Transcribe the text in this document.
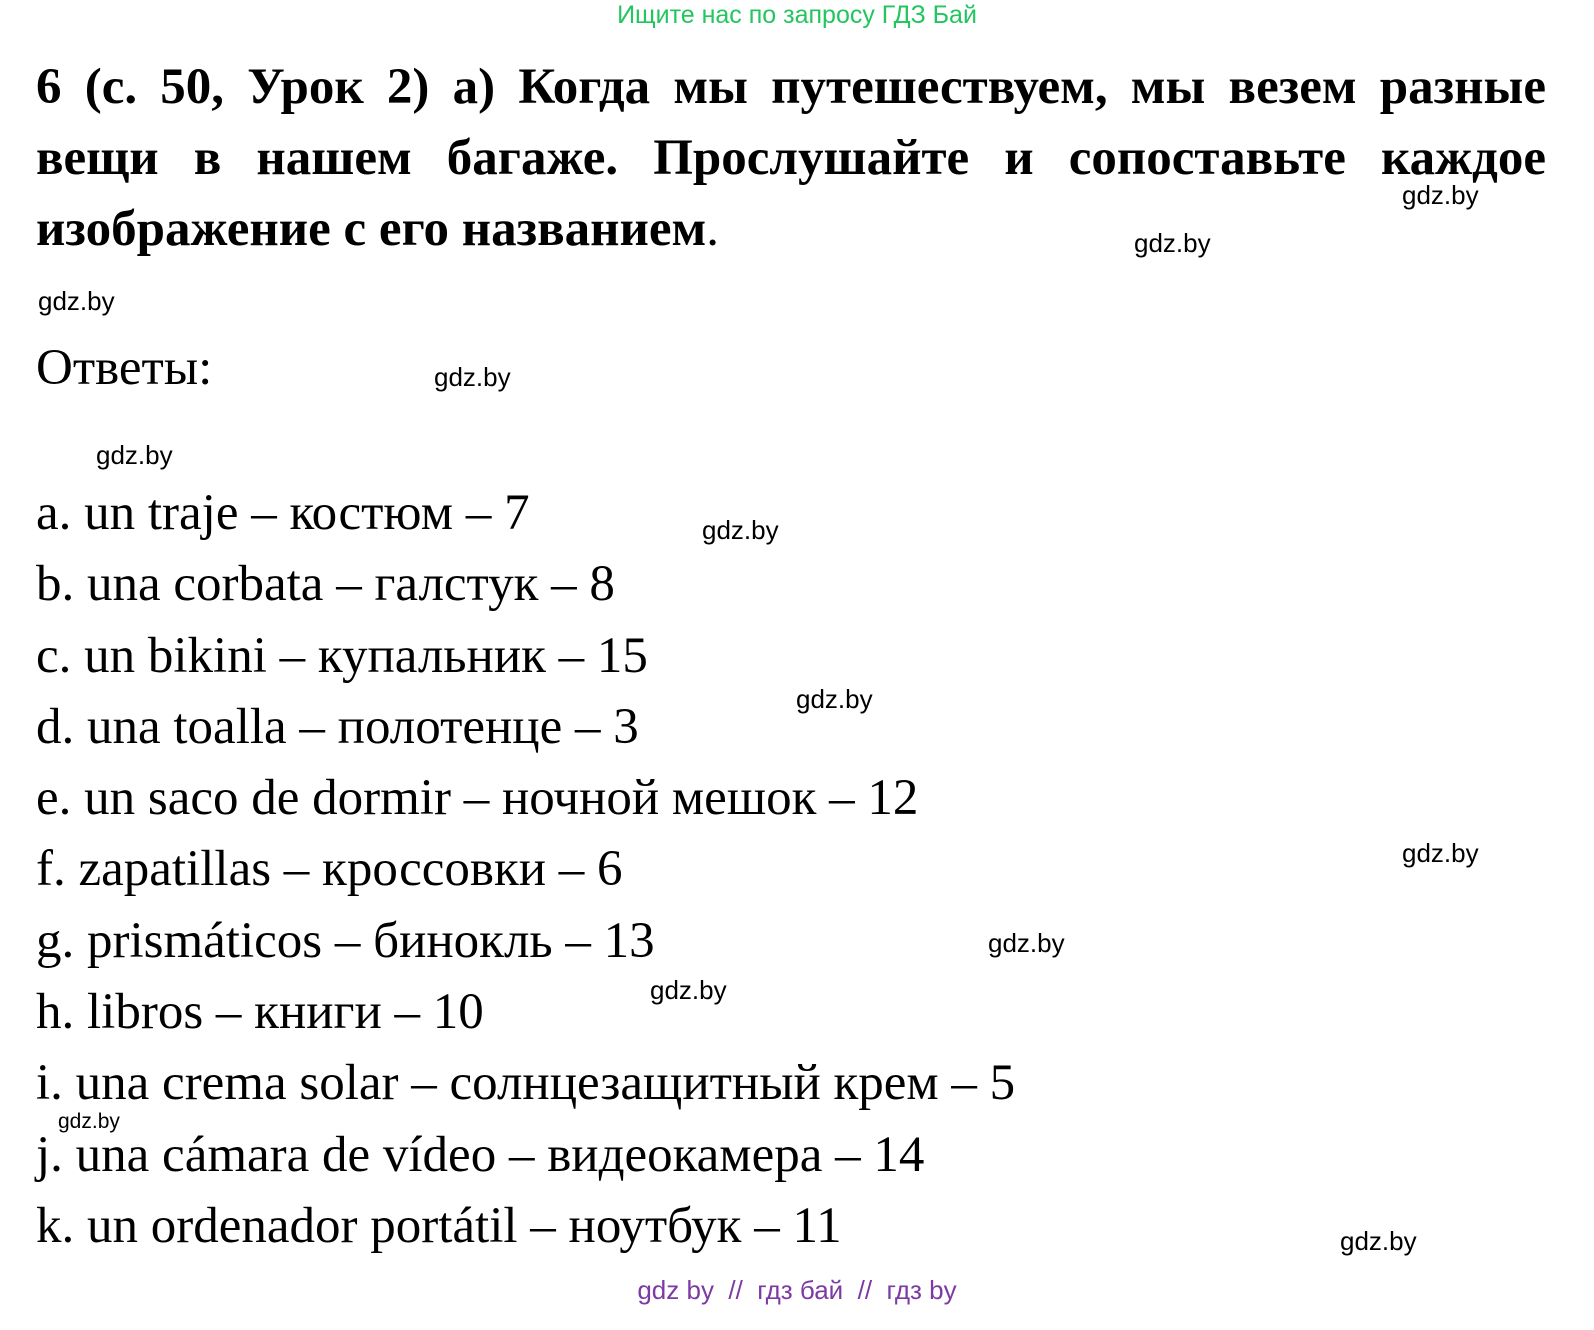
Ищите нас по запросу ГДЗ Бай
6 (с. 50, Урок 2) а) Когда мы путешествуем, мы везем разные вещи в нашем багаже. Прослушайте и сопоставьте каждое изображение с его названием.
Ответы:
a. un traje – костюм – 7
b. una corbata – галстук – 8
c. un bikini – купальник – 15
d. una toalla – полотенце – 3
e. un saco de dormir – ночной мешок – 12
f. zapatillas – кроссовки – 6
g. prismáticos – бинокль – 13
h. libros – книги – 10
i. una crema solar – солнцезащитный крем – 5
j. una cámara de vídeo – видеокамера – 14
k. un ordenador portátil – ноутбук – 11
gdz.by
gdz.by
gdz.by
gdz.by
gdz.by
gdz.by
gdz.by
gdz.by
gdz.by
gdz.by
gdz.by
gdz.by
gdz by  //  гдз бай  //  гдз by
